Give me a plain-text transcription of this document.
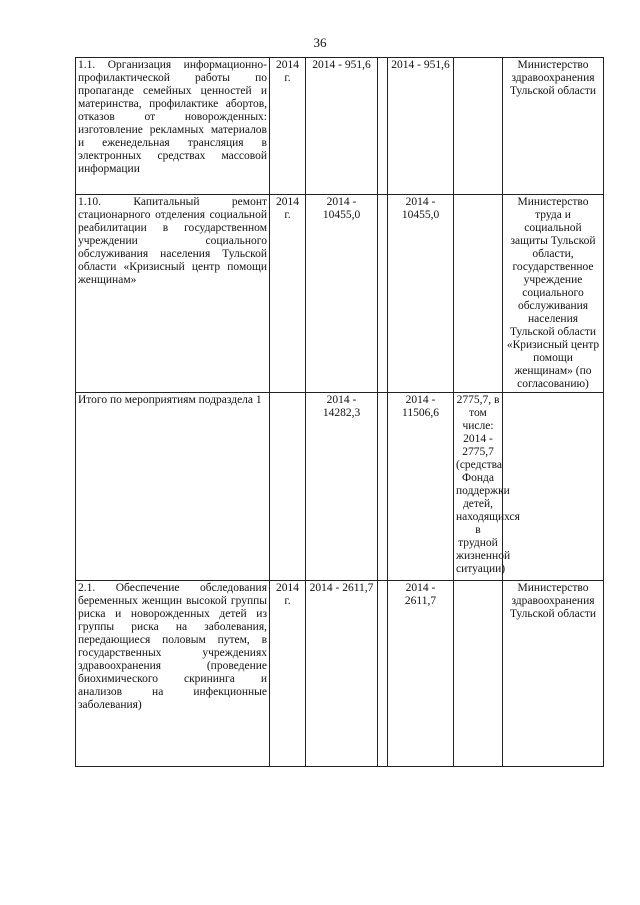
36
1.1. Организация информационно-профилактической работы по пропаганде семейных ценностей и материнства, профилактике абортов, отказов от новорожденных: изготовление рекламных материалов и еженедельная трансляция в электронных средствах массовой информации	2014 г.	2014 - 951,6		2014 - 951,6		Министерство здравоохранения Тульской области
1.10. Капитальный ремонт стационарного отделения социальной реабилитации в государственном учреждении социального обслуживания населения Тульской области «Кризисный центр помощи женщинам»	2014 г.	2014 - 10455,0		2014 - 10455,0		Министерство труда и социальной защиты Тульской области, государственное учреждение социального обслуживания населения Тульской области «Кризисный центр помощи женщинам» (по согласованию)
Итого по мероприятиям подраздела 1		2014 - 14282,3		2014 - 11506,6	2775,7, в том числе: 2014 - 2775,7 (средства Фонда поддержки детей, находящихся в трудной жизненной ситуации)	
2.1. Обеспечение обследования беременных женщин высокой группы риска и новорожденных детей из группы риска на заболевания, передающиеся половым путем, в государственных учреждениях здравоохранения (проведение биохимического скрининга и анализов на инфекционные заболевания)	2014 г.	2014 - 2611,7		2014 - 2611,7		Министерство здравоохранения Тульской области
